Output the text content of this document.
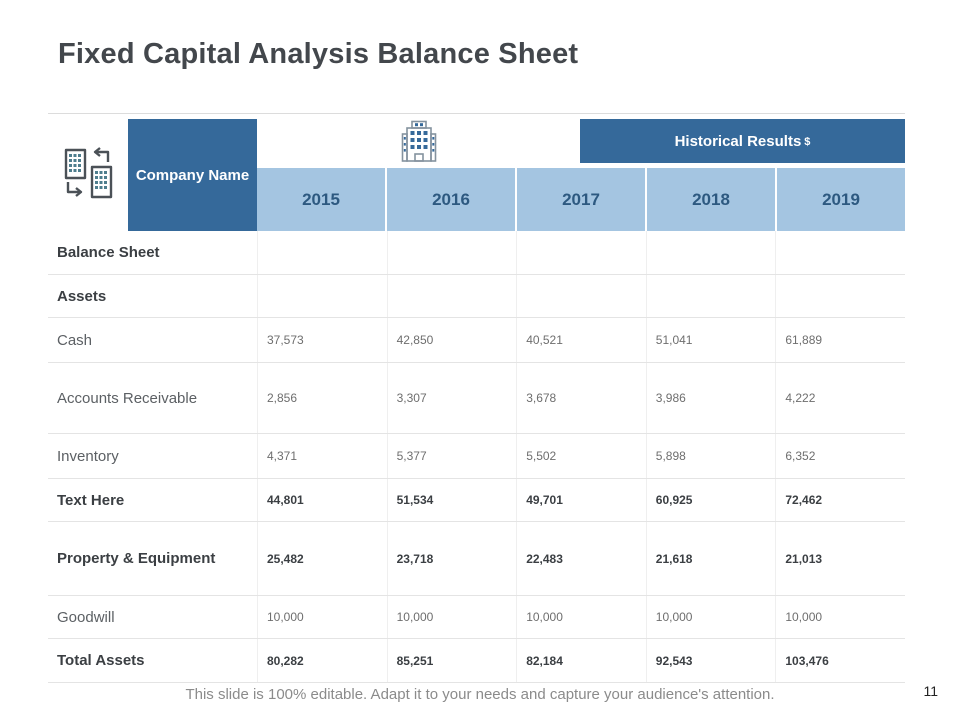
Fixed Capital Analysis Balance Sheet
Company Name
Historical Results $
2015	2016	2017	2018	2019
Balance Sheet
Assets
Cash	37,573	42,850	40,521	51,041	61,889
Accounts Receivable	2,856	3,307	3,678	3,986	4,222
Inventory	4,371	5,377	5,502	5,898	6,352
Text Here	44,801	51,534	49,701	60,925	72,462
Property & Equipment	25,482	23,718	22,483	21,618	21,013
Goodwill	10,000	10,000	10,000	10,000	10,000
Total Assets	80,282	85,251	82,184	92,543	103,476
This slide is 100% editable. Adapt it to your needs and capture your audience's attention.	11
